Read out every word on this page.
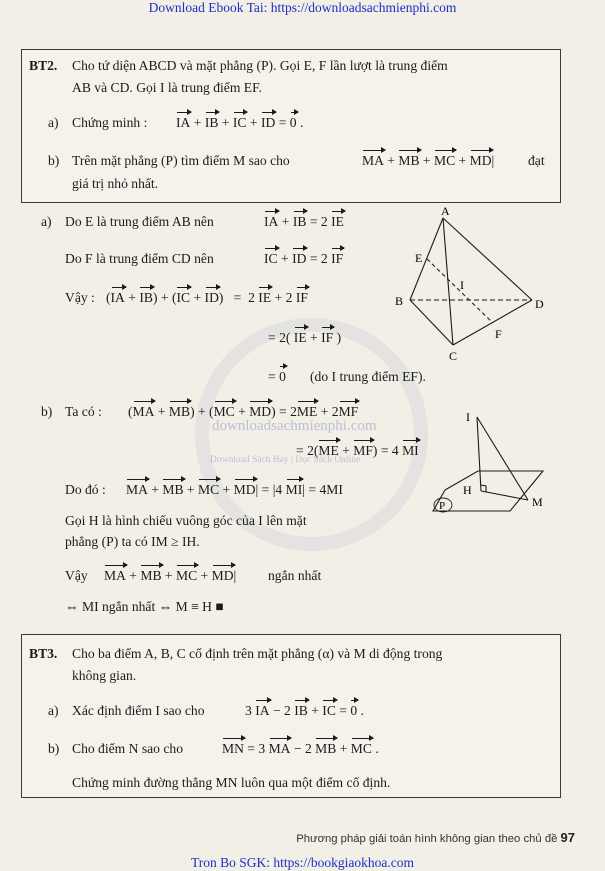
Download Ebook Tai: https://downloadsachmienphi.com
downloadsachmienphi.com
Download Sách Hay | Đọc Sách Online
BT2. Cho tứ diện ABCD và mặt phẳng (P). Gọi E, F lần lượt là trung điểm
AB và CD. Gọi I là trung điểm EF.
a) Chứng minh : IA + IB + IC + ID = 0 .
b) Trên mặt phẳng (P) tìm điểm M sao cho	MA + MB + MC + MD| đạt
giá trị nhỏ nhất.
a) Do E là trung điểm AB nên	IA + IB = 2 IE
Do F là trung điểm CD nên	IC + ID = 2 IF
Vậy : (IA + IB) + (IC + ID)   =  2 IE + 2 IF
= 2( IE + IF )
= 0 (do I trung điểm EF).
b) Ta có : (MA + MB) + (MC + MD) = 2ME + 2MF
= 2(ME + MF) = 4 MI
Do đó : MA + MB + MC + MD| = |4 MI| = 4MI
Gọi H là hình chiếu vuông góc của I lên mặt
phẳng (P) ta có IM ≥ IH.
Vậy MA + MB + MC + MD| ngắn nhất
⇔ MI ngắn nhất ⇔ M ≡ H ■
A
B
C
D
E
F
I
I
H
M
P
BT3. Cho ba điểm A, B, C cố định trên mặt phẳng (α) và M di động trong
không gian.
a) Xác định điểm I sao cho	3 IA − 2 IB + IC = 0 .
b) Cho điểm N sao cho	MN = 3 MA − 2 MB + MC .
Chứng minh đường thẳng MN luôn qua một điểm cố định.
Phương pháp giải toán hình không gian theo chủ đề 97
Tron Bo SGK: https://bookgiaokhoa.com
